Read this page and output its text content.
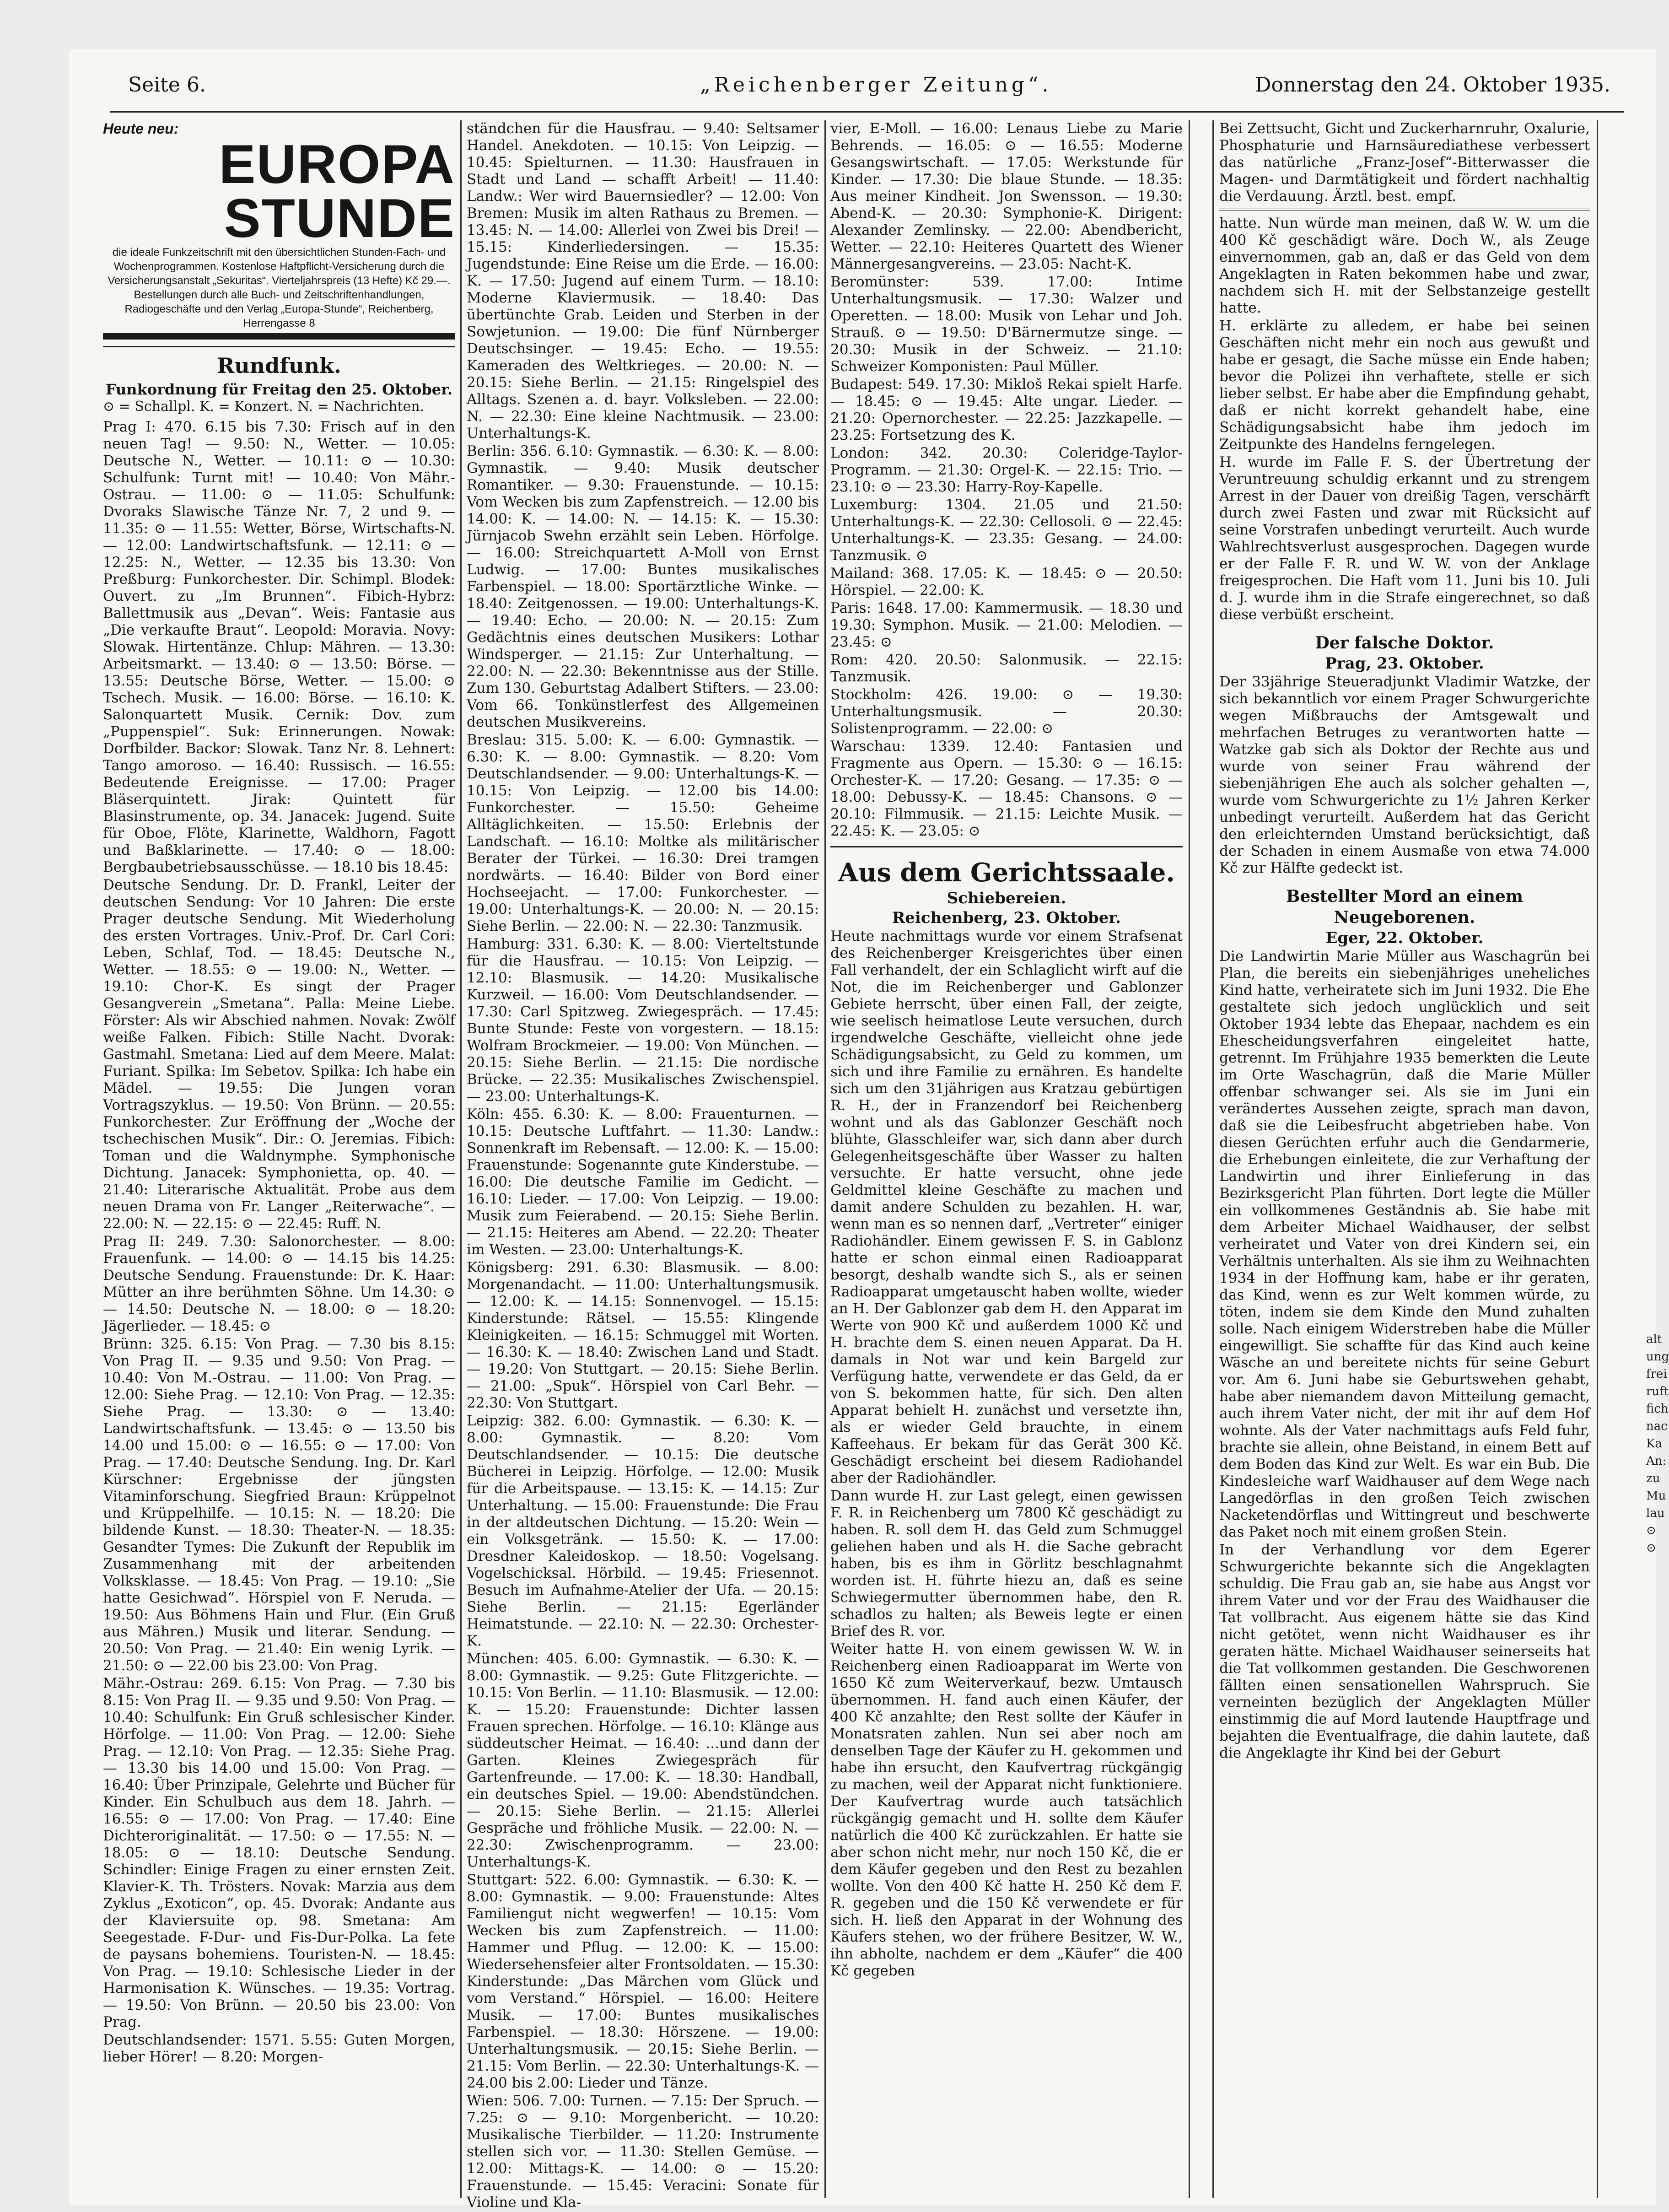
Seite 6.	„Reichenberger Zeitung“.	Donnerstag den 24. Oktober 1935.
Heute neu:
EUROPA
STUNDE
die ideale Funkzeitschrift mit den übersichtlichen Stunden-Fach- und Wochenprogrammen. Kostenlose Haftpflicht-Versicherung durch die Versicherungsanstalt „Sekuritas“. Vierteljahrspreis (13 Hefte) Kč 29.—. Bestellungen durch alle Buch- und Zeitschriftenhandlungen, Radiogeschäfte und den Verlag „Europa-Stunde“, Reichenberg, Herrengasse 8
Rundfunk.
Funkordnung für Freitag den 25. Oktober.
⊙ = Schallpl. K. = Konzert. N. = Nachrichten.

Prag I: 470. 6.15 bis 7.30: Frisch auf in den neuen Tag! — 9.50: N., Wetter. — 10.05: Deutsche N., Wetter. — 10.11: ⊙ — 10.30: Schulfunk: Turnt mit! — 10.40: Von Mähr.-Ostrau. — 11.00: ⊙ — 11.05: Schulfunk: Dvoraks Slawische Tänze Nr. 7, 2 und 9. — 11.35: ⊙ — 11.55: Wetter, Börse, Wirtschafts-N. — 12.00: Landwirtschaftsfunk. — 12.11: ⊙ — 12.25: N., Wetter. — 12.35 bis 13.30: Von Preßburg: Funkorchester. Dir. Schimpl. Blodek: Ouvert. zu „Im Brunnen“. Fibich-Hybrz: Ballettmusik aus „Devan“. Weis: Fantasie aus „Die verkaufte Braut“. Leopold: Moravia. Novy: Slowak. Hirtentänze. Chlup: Mähren. — 13.30: Arbeitsmarkt. — 13.40: ⊙ — 13.50: Börse. — 13.55: Deutsche Börse, Wetter. — 15.00: ⊙ Tschech. Musik. — 16.00: Börse. — 16.10: K. Salonquartett Musik. Cernik: Dov. zum „Puppenspiel“. Suk: Erinnerungen. Nowak: Dorfbilder. Backor: Slowak. Tanz Nr. 8. Lehnert: Tango amoroso. — 16.40: Russisch. — 16.55: Bedeutende Ereignisse. — 17.00: Prager Bläserquintett. Jirak: Quintett für Blasinstrumente, op. 34. Janacek: Jugend. Suite für Oboe, Flöte, Klarinette, Waldhorn, Fagott und Baßklarinette. — 17.40: ⊙ — 18.00: Bergbaubetriebsausschüsse. — 18.10 bis 18.45:

Deutsche Sendung. Dr. D. Frankl, Leiter der deutschen Sendung: Vor 10 Jahren: Die erste Prager deutsche Sendung. Mit Wiederholung des ersten Vortrages. Univ.-Prof. Dr. Carl Cori: Leben, Schlaf, Tod. — 18.45: Deutsche N., Wetter. — 18.55: ⊙ — 19.00: N., Wetter. — 19.10: Chor-K. Es singt der Prager Gesangverein „Smetana“. Palla: Meine Liebe. Förster: Als wir Abschied nahmen. Novak: Zwölf weiße Falken. Fibich: Stille Nacht. Dvorak: Gastmahl. Smetana: Lied auf dem Meere. Malat: Furiant. Spilka: Im Sebetov. Spilka: Ich habe ein Mädel. — 19.55: Die Jungen voran Vortragszyklus. — 19.50: Von Brünn. — 20.55: Funkorchester. Zur Eröffnung der „Woche der tschechischen Musik“. Dir.: O. Jeremias. Fibich: Toman und die Waldnymphe. Symphonische Dichtung. Janacek: Symphonietta, op. 40. — 21.40: Literarische Aktualität. Probe aus dem neuen Drama von Fr. Langer „Reiterwache“. — 22.00: N. — 22.15: ⊙ — 22.45: Ruff. N.

Prag II: 249. 7.30: Salonorchester. — 8.00: Frauenfunk. — 14.00: ⊙ — 14.15 bis 14.25: Deutsche Sendung. Frauenstunde: Dr. K. Haar: Mütter an ihre berühmten Söhne. Um 14.30: ⊙ — 14.50: Deutsche N. — 18.00: ⊙ — 18.20: Jägerlieder. — 18.45: ⊙

Brünn: 325. 6.15: Von Prag. — 7.30 bis 8.15: Von Prag II. — 9.35 und 9.50: Von Prag. — 10.40: Von M.-Ostrau. — 11.00: Von Prag. — 12.00: Siehe Prag. — 12.10: Von Prag. — 12.35: Siehe Prag. — 13.30: ⊙ — 13.40: Landwirtschaftsfunk. — 13.45: ⊙ — 13.50 bis 14.00 und 15.00: ⊙ — 16.55: ⊙ — 17.00: Von Prag. — 17.40: Deutsche Sendung. Ing. Dr. Karl Kürschner: Ergebnisse der jüngsten Vitaminforschung. Siegfried Braun: Krüppelnot und Krüppelhilfe. — 10.15: N. — 18.20: Die bildende Kunst. — 18.30: Theater-N. — 18.35: Gesandter Tymes: Die Zukunft der Republik im Zusammenhang mit der arbeitenden Volksklasse. — 18.45: Von Prag. — 19.10: „Sie hatte Gesichwad“. Hörspiel von F. Neruda. — 19.50: Aus Böhmens Hain und Flur. (Ein Gruß aus Mähren.) Musik und literar. Sendung. — 20.50: Von Prag. — 21.40: Ein wenig Lyrik. — 21.50: ⊙ — 22.00 bis 23.00: Von Prag.

Mähr.-Ostrau: 269. 6.15: Von Prag. — 7.30 bis 8.15: Von Prag II. — 9.35 und 9.50: Von Prag. — 10.40: Schulfunk: Ein Gruß schlesischer Kinder. Hörfolge. — 11.00: Von Prag. — 12.00: Siehe Prag. — 12.10: Von Prag. — 12.35: Siehe Prag. — 13.30 bis 14.00 und 15.00: Von Prag. — 16.40: Über Prinzipale, Gelehrte und Bücher für Kinder. Ein Schulbuch aus dem 18. Jahrh. — 16.55: ⊙ — 17.00: Von Prag. — 17.40: Eine Dichteroriginalität. — 17.50: ⊙ — 17.55: N. — 18.05: ⊙ — 18.10: Deutsche Sendung. Schindler: Einige Fragen zu einer ernsten Zeit. Klavier-K. Th. Trösters. Novak: Marzia aus dem Zyklus „Exoticon“, op. 45. Dvorak: Andante aus der Klaviersuite op. 98. Smetana: Am Seegestade. F-Dur- und Fis-Dur-Polka. La fete de paysans bohemiens. Touristen-N. — 18.45: Von Prag. — 19.10: Schlesische Lieder in der Harmonisation K. Wünsches. — 19.35: Vortrag. — 19.50: Von Brünn. — 20.50 bis 23.00: Von Prag.

Deutschlandsender: 1571. 5.55: Guten Morgen, lieber Hörer! — 8.20: Morgen-

ständchen für die Hausfrau. — 9.40: Seltsamer Handel. Anekdoten. — 10.15: Von Leipzig. — 10.45: Spielturnen. — 11.30: Hausfrauen in Stadt und Land — schafft Arbeit! — 11.40: Landw.: Wer wird Bauernsiedler? — 12.00: Von Bremen: Musik im alten Rathaus zu Bremen. — 13.45: N. — 14.00: Allerlei von Zwei bis Drei! — 15.15: Kinderliedersingen. — 15.35: Jugendstunde: Eine Reise um die Erde. — 16.00: K. — 17.50: Jugend auf einem Turm. — 18.10: Moderne Klaviermusik. — 18.40: Das übertünchte Grab. Leiden und Sterben in der Sowjetunion. — 19.00: Die fünf Nürnberger Deutschsinger. — 19.45: Echo. — 19.55: Kameraden des Weltkrieges. — 20.00: N. — 20.15: Siehe Berlin. — 21.15: Ringelspiel des Alltags. Szenen a. d. bayr. Volksleben. — 22.00: N. — 22.30: Eine kleine Nachtmusik. — 23.00: Unterhaltungs-K.

Berlin: 356. 6.10: Gymnastik. — 6.30: K. — 8.00: Gymnastik. — 9.40: Musik deutscher Romantiker. — 9.30: Frauenstunde. — 10.15: Vom Wecken bis zum Zapfenstreich. — 12.00 bis 14.00: K. — 14.00: N. — 14.15: K. — 15.30: Jürnjacob Swehn erzählt sein Leben. Hörfolge. — 16.00: Streichquartett A-Moll von Ernst Ludwig. — 17.00: Buntes musikalisches Farbenspiel. — 18.00: Sportärztliche Winke. — 18.40: Zeitgenossen. — 19.00: Unterhaltungs-K. — 19.40: Echo. — 20.00: N. — 20.15: Zum Gedächtnis eines deutschen Musikers: Lothar Windsperger. — 21.15: Zur Unterhaltung. — 22.00: N. — 22.30: Bekenntnisse aus der Stille. Zum 130. Geburtstag Adalbert Stifters. — 23.00: Vom 66. Tonkünstlerfest des Allgemeinen deutschen Musikvereins.

Breslau: 315. 5.00: K. — 6.00: Gymnastik. — 6.30: K. — 8.00: Gymnastik. — 8.20: Vom Deutschlandsender. — 9.00: Unterhaltungs-K. — 10.15: Von Leipzig. — 12.00 bis 14.00: Funkorchester. — 15.50: Geheime Alltäglichkeiten. — 15.50: Erlebnis der Landschaft. — 16.10: Moltke als militärischer Berater der Türkei. — 16.30: Drei tramgen nordwärts. — 16.40: Bilder von Bord einer Hochseejacht. — 17.00: Funkorchester. — 19.00: Unterhaltungs-K. — 20.00: N. — 20.15: Siehe Berlin. — 22.00: N. — 22.30: Tanzmusik.

Hamburg: 331. 6.30: K. — 8.00: Vierteltstunde für die Hausfrau. — 10.15: Von Leipzig. — 12.10: Blasmusik. — 14.20: Musikalische Kurzweil. — 16.00: Vom Deutschlandsender. — 17.30: Carl Spitzweg. Zwiegespräch. — 17.45: Bunte Stunde: Feste von vorgestern. — 18.15: Wolfram Brockmeier. — 19.00: Von München. — 20.15: Siehe Berlin. — 21.15: Die nordische Brücke. — 22.35: Musikalisches Zwischenspiel. — 23.00: Unterhaltungs-K.

Köln: 455. 6.30: K. — 8.00: Frauenturnen. — 10.15: Deutsche Luftfahrt. — 11.30: Landw.: Sonnenkraft im Rebensaft. — 12.00: K. — 15.00: Frauenstunde: Sogenannte gute Kinderstube. — 16.00: Die deutsche Familie im Gedicht. — 16.10: Lieder. — 17.00: Von Leipzig. — 19.00: Musik zum Feierabend. — 20.15: Siehe Berlin. — 21.15: Heiteres am Abend. — 22.20: Theater im Westen. — 23.00: Unterhaltungs-K.

Königsberg: 291. 6.30: Blasmusik. — 8.00: Morgenandacht. — 11.00: Unterhaltungsmusik. — 12.00: K. — 14.15: Sonnenvogel. — 15.15: Kinderstunde: Rätsel. — 15.55: Klingende Kleinigkeiten. — 16.15: Schmuggel mit Worten. — 16.30: K. — 18.40: Zwischen Land und Stadt. — 19.20: Von Stuttgart. — 20.15: Siehe Berlin. — 21.00: „Spuk“. Hörspiel von Carl Behr. — 22.30: Von Stuttgart.

Leipzig: 382. 6.00: Gymnastik. — 6.30: K. — 8.00: Gymnastik. — 8.20: Vom Deutschlandsender. — 10.15: Die deutsche Bücherei in Leipzig. Hörfolge. — 12.00: Musik für die Arbeitspause. — 13.15: K. — 14.15: Zur Unterhaltung. — 15.00: Frauenstunde: Die Frau in der altdeutschen Dichtung. — 15.20: Wein — ein Volksgetränk. — 15.50: K. — 17.00: Dresdner Kaleidoskop. — 18.50: Vogelsang. Vogelschicksal. Hörbild. — 19.45: Friesennot. Besuch im Aufnahme-Atelier der Ufa. — 20.15: Siehe Berlin. — 21.15: Egerländer Heimatstunde. — 22.10: N. — 22.30: Orchester-K.

München: 405. 6.00: Gymnastik. — 6.30: K. — 8.00: Gymnastik. — 9.25: Gute Flitzgerichte. — 10.15: Von Berlin. — 11.10: Blasmusik. — 12.00: K. — 15.20: Frauenstunde: Dichter lassen Frauen sprechen. Hörfolge. — 16.10: Klänge aus süddeutscher Heimat. — 16.40: ...und dann der Garten. Kleines Zwiegespräch für Gartenfreunde. — 17.00: K. — 18.30: Handball, ein deutsches Spiel. — 19.00: Abendstündchen. — 20.15: Siehe Berlin. — 21.15: Allerlei Gespräche und fröhliche Musik. — 22.00: N. — 22.30: Zwischenprogramm. — 23.00: Unterhaltungs-K.

Stuttgart: 522. 6.00: Gymnastik. — 6.30: K. — 8.00: Gymnastik. — 9.00: Frauenstunde: Altes Familiengut nicht wegwerfen! — 10.15: Vom Wecken bis zum Zapfenstreich. — 11.00: Hammer und Pflug. — 12.00: K. — 15.00: Wiedersehensfeier alter Frontsoldaten. — 15.30: Kinderstunde: „Das Märchen vom Glück und vom Verstand.“ Hörspiel. — 16.00: Heitere Musik. — 17.00: Buntes musikalisches Farbenspiel. — 18.30: Hörszene. — 19.00: Unterhaltungsmusik. — 20.15: Siehe Berlin. — 21.15: Vom Berlin. — 22.30: Unterhaltungs-K. — 24.00 bis 2.00: Lieder und Tänze.

Wien: 506. 7.00: Turnen. — 7.15: Der Spruch. — 7.25: ⊙ — 9.10: Morgenbericht. — 10.20: Musikalische Tierbilder. — 11.20: Instrumente stellen sich vor. — 11.30: Stellen Gemüse. — 12.00: Mittags-K. — 14.00: ⊙ — 15.20: Frauenstunde. — 15.45: Veracini: Sonate für Violine und Kla-

vier, E-Moll. — 16.00: Lenaus Liebe zu Marie Behrends. — 16.05: ⊙ — 16.55: Moderne Gesangswirtschaft. — 17.05: Werkstunde für Kinder. — 17.30: Die blaue Stunde. — 18.35: Aus meiner Kindheit. Jon Swensson. — 19.30: Abend-K. — 20.30: Symphonie-K. Dirigent: Alexander Zemlinsky. — 22.00: Abendbericht, Wetter. — 22.10: Heiteres Quartett des Wiener Männergesangvereins. — 23.05: Nacht-K.

Beromünster: 539. 17.00: Intime Unterhaltungsmusik. — 17.30: Walzer und Operetten. — 18.00: Musik von Lehar und Joh. Strauß. ⊙ — 19.50: D'Bärnermutze singe. — 20.30: Musik in der Schweiz. — 21.10: Schweizer Komponisten: Paul Müller.

Budapest: 549. 17.30: Mikloš Rekai spielt Harfe. — 18.45: ⊙ — 19.45: Alte ungar. Lieder. — 21.20: Opernorchester. — 22.25: Jazzkapelle. — 23.25: Fortsetzung des K.

London: 342. 20.30: Coleridge-Taylor-Programm. — 21.30: Orgel-K. — 22.15: Trio. — 23.10: ⊙ — 23.30: Harry-Roy-Kapelle.

Luxemburg: 1304. 21.05 und 21.50: Unterhaltungs-K. — 22.30: Cellosoli. ⊙ — 22.45: Unterhaltungs-K. — 23.35: Gesang. — 24.00: Tanzmusik. ⊙

Mailand: 368. 17.05: K. — 18.45: ⊙ — 20.50: Hörspiel. — 22.00: K.

Paris: 1648. 17.00: Kammermusik. — 18.30 und 19.30: Symphon. Musik. — 21.00: Melodien. — 23.45: ⊙

Rom: 420. 20.50: Salonmusik. — 22.15: Tanzmusik.

Stockholm: 426. 19.00: ⊙ — 19.30: Unterhaltungsmusik. — 20.30: Solistenprogramm. — 22.00: ⊙

Warschau: 1339. 12.40: Fantasien und Fragmente aus Opern. — 15.30: ⊙ — 16.15: Orchester-K. — 17.20: Gesang. — 17.35: ⊙ — 18.00: Debussy-K. — 18.45: Chansons. ⊙ — 20.10: Filmmusik. — 21.15: Leichte Musik. — 22.45: K. — 23.05: ⊙

Aus dem Gerichtssaale.
Schiebereien.
Reichenberg, 23. Oktober.

Heute nachmittags wurde vor einem Strafsenat des Reichenberger Kreisgerichtes über einen Fall verhandelt, der ein Schlaglicht wirft auf die Not, die im Reichenberger und Gablonzer Gebiete herrscht, über einen Fall, der zeigte, wie seelisch heimatlose Leute versuchen, durch irgendwelche Geschäfte, vielleicht ohne jede Schädigungsabsicht, zu Geld zu kommen, um sich und ihre Familie zu ernähren. Es handelte sich um den 31jährigen aus Kratzau gebürtigen R. H., der in Franzendorf bei Reichenberg wohnt und als das Gablonzer Geschäft noch blühte, Glasschleifer war, sich dann aber durch Gelegenheitsgeschäfte über Wasser zu halten versuchte. Er hatte versucht, ohne jede Geldmittel kleine Geschäfte zu machen und damit andere Schulden zu bezahlen. H. war, wenn man es so nennen darf, „Vertreter“ einiger Radiohändler. Einem gewissen F. S. in Gablonz hatte er schon einmal einen Radioapparat besorgt, deshalb wandte sich S., als er seinen Radioapparat umgetauscht haben wollte, wieder an H. Der Gablonzer gab dem H. den Apparat im Werte von 900 Kč und außerdem 1000 Kč und H. brachte dem S. einen neuen Apparat. Da H. damals in Not war und kein Bargeld zur Verfügung hatte, verwendete er das Geld, da er von S. bekommen hatte, für sich. Den alten Apparat behielt H. zunächst und versetzte ihn, als er wieder Geld brauchte, in einem Kaffeehaus. Er bekam für das Gerät 300 Kč. Geschädigt erscheint bei diesem Radiohandel aber der Radiohändler.

Dann wurde H. zur Last gelegt, einen gewissen F. R. in Reichenberg um 7800 Kč geschädigt zu haben. R. soll dem H. das Geld zum Schmuggel geliehen haben und als H. die Sache gebracht haben, bis es ihm in Görlitz beschlagnahmt worden ist. H. führte hiezu an, daß es seine Schwiegermutter übernommen habe, den R. schadlos zu halten; als Beweis legte er einen Brief des R. vor.

Weiter hatte H. von einem gewissen W. W. in Reichenberg einen Radioapparat im Werte von 1650 Kč zum Weiterverkauf, bezw. Umtausch übernommen. H. fand auch einen Käufer, der 400 Kč anzahlte; den Rest sollte der Käufer in Monatsraten zahlen. Nun sei aber noch am denselben Tage der Käufer zu H. gekommen und habe ihn ersucht, den Kaufvertrag rückgängig zu machen, weil der Apparat nicht funktioniere. Der Kaufvertrag wurde auch tatsächlich rückgängig gemacht und H. sollte dem Käufer natürlich die 400 Kč zurückzahlen. Er hatte sie aber schon nicht mehr, nur noch 150 Kč, die er dem Käufer gegeben und den Rest zu bezahlen wollte. Von den 400 Kč hatte H. 250 Kč dem F. R. gegeben und die 150 Kč verwendete er für sich. H. ließ den Apparat in der Wohnung des Käufers stehen, wo der frühere Besitzer, W. W., ihn abholte, nachdem er dem „Käufer“ die 400 Kč gegeben

Bei Zettsucht, Gicht und Zuckerharnruhr, Oxalurie, Phosphaturie und Harnsäurediathese verbessert das natürliche „Franz-Josef“-Bitterwasser die Magen- und Darmtätigkeit und fördert nachhaltig die Verdauung. Ärztl. best. empf.

hatte. Nun würde man meinen, daß W. W. um die 400 Kč geschädigt wäre. Doch W., als Zeuge einvernommen, gab an, daß er das Geld von dem Angeklagten in Raten bekommen habe und zwar, nachdem sich H. mit der Selbstanzeige gestellt hatte.

H. erklärte zu alledem, er habe bei seinen Geschäften nicht mehr ein noch aus gewußt und habe er gesagt, die Sache müsse ein Ende haben; bevor die Polizei ihn verhaftete, stelle er sich lieber selbst. Er habe aber die Empfindung gehabt, daß er nicht korrekt gehandelt habe, eine Schädigungsabsicht habe ihm jedoch im Zeitpunkte des Handelns ferngelegen.

H. wurde im Falle F. S. der Übertretung der Veruntreuung schuldig erkannt und zu strengem Arrest in der Dauer von dreißig Tagen, verschärft durch zwei Fasten und zwar mit Rücksicht auf seine Vorstrafen unbedingt verurteilt. Auch wurde Wahlrechtsverlust ausgesprochen. Dagegen wurde er der Falle F. R. und W. W. von der Anklage freigesprochen. Die Haft vom 11. Juni bis 10. Juli d. J. wurde ihm in die Strafe eingerechnet, so daß diese verbüßt erscheint.

Der falsche Doktor.
Prag, 23. Oktober.

Der 33jährige Steueradjunkt Vladimir Watzke, der sich bekanntlich vor einem Prager Schwurgerichte wegen Mißbrauchs der Amtsgewalt und mehrfachen Betruges zu verantworten hatte — Watzke gab sich als Doktor der Rechte aus und wurde von seiner Frau während der siebenjährigen Ehe auch als solcher gehalten —, wurde vom Schwurgerichte zu 1½ Jahren Kerker unbedingt verurteilt. Außerdem hat das Gericht den erleichternden Umstand berücksichtigt, daß der Schaden in einem Ausmaße von etwa 74.000 Kč zur Hälfte gedeckt ist.

Bestellter Mord an einem Neugeborenen.
Eger, 22. Oktober.

Die Landwirtin Marie Müller aus Waschagrün bei Plan, die bereits ein siebenjähriges uneheliches Kind hatte, verheiratete sich im Juni 1932. Die Ehe gestaltete sich jedoch unglücklich und seit Oktober 1934 lebte das Ehepaar, nachdem es ein Ehescheidungsverfahren eingeleitet hatte, getrennt. Im Frühjahre 1935 bemerkten die Leute im Orte Waschagrün, daß die Marie Müller offenbar schwanger sei. Als sie im Juni ein verändertes Aussehen zeigte, sprach man davon, daß sie die Leibesfrucht abgetrieben habe. Von diesen Gerüchten erfuhr auch die Gendarmerie, die Erhebungen einleitete, die zur Verhaftung der Landwirtin und ihrer Einlieferung in das Bezirksgericht Plan führten. Dort legte die Müller ein vollkommenes Geständnis ab. Sie habe mit dem Arbeiter Michael Waidhauser, der selbst verheiratet und Vater von drei Kindern sei, ein Verhältnis unterhalten. Als sie ihm zu Weihnachten 1934 in der Hoffnung kam, habe er ihr geraten, das Kind, wenn es zur Welt kommen würde, zu töten, indem sie dem Kinde den Mund zuhalten solle. Nach einigem Widerstreben habe die Müller eingewilligt. Sie schaffte für das Kind auch keine Wäsche an und bereitete nichts für seine Geburt vor. Am 6. Juni habe sie Geburtswehen gehabt, habe aber niemandem davon Mitteilung gemacht, auch ihrem Vater nicht, der mit ihr auf dem Hof wohnte. Als der Vater nachmittags aufs Feld fuhr, brachte sie allein, ohne Beistand, in einem Bett auf dem Boden das Kind zur Welt. Es war ein Bub. Die Kindesleiche warf Waidhauser auf dem Wege nach Langedörflas in den großen Teich zwischen Nacketendörflas und Wittingreut und beschwerte das Paket noch mit einem großen Stein.

In der Verhandlung vor dem Egerer Schwurgerichte bekannte sich die Angeklagten schuldig. Die Frau gab an, sie habe aus Angst vor ihrem Vater und vor der Frau des Waidhauser die Tat vollbracht. Aus eigenem hätte sie das Kind nicht getötet, wenn nicht Waidhauser es ihr geraten hätte. Michael Waidhauser seinerseits hat die Tat vollkommen gestanden. Die Geschworenen fällten einen sensationellen Wahrspruch. Sie verneinten bezüglich der Angeklagten Müller einstimmig die auf Mord lautende Hauptfrage und bejahten die Eventualfrage, die dahin lautete, daß die Angeklagte ihr Kind bei der Geburt

alt ung frei ruft fich nac Ka An: zu Mu lau ⊙ ⊙
